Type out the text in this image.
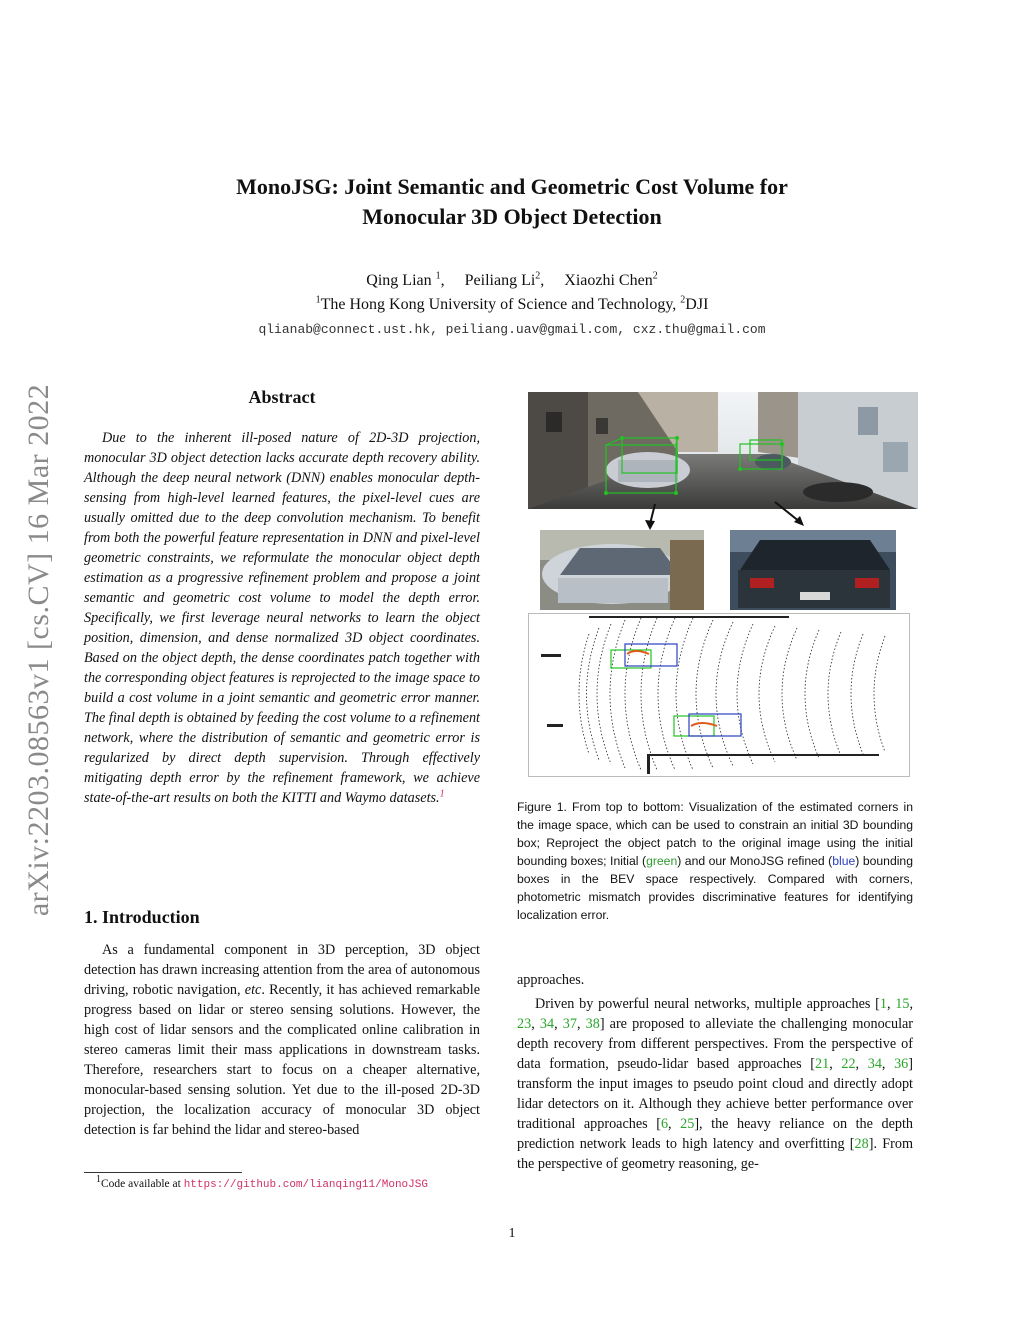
arXiv:2203.08563v1 [cs.CV] 16 Mar 2022
MonoJSG: Joint Semantic and Geometric Cost Volume for
Monocular 3D Object Detection
Qing Lian $^1$,     Peiliang Li$^2$,     Xiaozhi Chen$^2$
$^1$The Hong Kong University of Science and Technology, $^2$DJI
qlianab@connect.ust.hk, peiliang.uav@gmail.com, cxz.thu@gmail.com
Abstract
Due to the inherent ill-posed nature of 2D-3D projection, monocular 3D object detection lacks accurate depth recovery ability. Although the deep neural network (DNN) enables monocular depth-sensing from high-level learned features, the pixel-level cues are usually omitted due to the deep convolution mechanism. To benefit from both the powerful feature representation in DNN and pixel-level geometric constraints, we reformulate the monocular object depth estimation as a progressive refinement problem and propose a joint semantic and geometric cost volume to model the depth error. Specifically, we first leverage neural networks to learn the object position, dimension, and dense normalized 3D object coordinates. Based on the object depth, the dense coordinates patch together with the corresponding object features is reprojected to the image space to build a cost volume in a joint semantic and geometric error manner. The final depth is obtained by feeding the cost volume to a refinement network, where the distribution of semantic and geometric error is regularized by direct depth supervision. Through effectively mitigating depth error by the refinement framework, we achieve state-of-the-art results on both the KITTI and Waymo datasets.$^1$
1. Introduction
As a fundamental component in 3D perception, 3D object detection has drawn increasing attention from the area of autonomous driving, robotic navigation, etc. Recently, it has achieved remarkable progress based on lidar or stereo sensing solutions. However, the high cost of lidar sensors and the complicated online calibration in stereo cameras limit their mass applications in downstream tasks. Therefore, researchers start to focus on a cheaper alternative, monocular-based sensing solution. Yet due to the ill-posed 2D-3D projection, the localization accuracy of monocular 3D object detection is far behind the lidar and stereo-based
$^1$Code available at https://github.com/lianqing11/MonoJSG
Figure 1. From top to bottom: Visualization of the estimated corners in the image space, which can be used to constrain an initial 3D bounding box; Reproject the object patch to the original image using the initial bounding boxes; Initial (green) and our MonoJSG refined (blue) bounding boxes in the BEV space respectively. Compared with corners, photometric mismatch provides discriminative features for identifying localization error.
approaches.
Driven by powerful neural networks, multiple approaches [1, 15, 23, 34, 37, 38] are proposed to alleviate the challenging monocular depth recovery from different perspectives. From the perspective of data formation, pseudo-lidar based approaches [21, 22, 34, 36] transform the input images to pseudo point cloud and directly adopt lidar detectors on it. Although they achieve better performance over traditional approaches [6, 25], the heavy reliance on the depth prediction network leads to high latency and overfitting [28]. From the perspective of geometry reasoning, ge-
1
